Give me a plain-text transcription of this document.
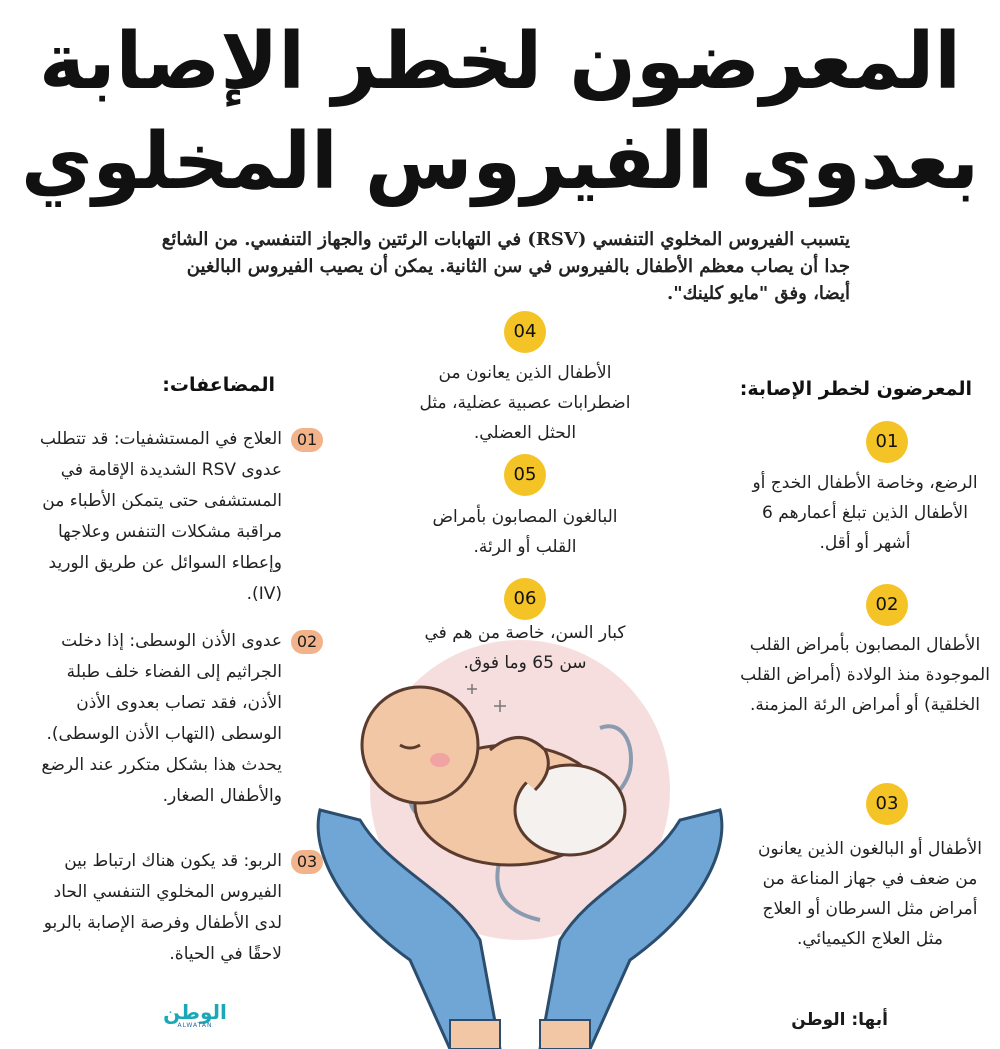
المعرضون لخطر الإصابة
بعدوى الفيروس المخلوي
يتسبب الفيروس المخلوي التنفسي (RSV) في التهابات الرئتين والجهاز التنفسي. من الشائع جدا أن يصاب معظم الأطفال بالفيروس في سن الثانية. يمكن أن يصيب الفيروس البالغين أيضا، وفق "مايو كلينك".
المعرضون لخطر الإصابة:
01
الرضع، وخاصة الأطفال الخدج أو الأطفال الذين تبلغ أعمارهم 6 أشهر أو أقل.
02
الأطفال المصابون بأمراض القلب الموجودة منذ الولادة (أمراض القلب الخلقية) أو أمراض الرئة المزمنة.
03
الأطفال أو البالغون الذين يعانون من ضعف في جهاز المناعة من أمراض مثل السرطان أو العلاج مثل العلاج الكيميائي.
04
الأطفال الذين يعانون من اضطرابات عصبية عضلية، مثل الحثل العضلي.
05
البالغون المصابون بأمراض القلب أو الرئة.
06
كبار السن، خاصة من هم في سن 65 وما فوق.
المضاعفات:
01
العلاج في المستشفيات: قد تتطلب عدوى RSV الشديدة الإقامة في المستشفى حتى يتمكن الأطباء من مراقبة مشكلات التنفس وعلاجها وإعطاء السوائل عن طريق الوريد (IV).
02
عدوى الأذن الوسطى: إذا دخلت الجراثيم إلى الفضاء خلف طبلة الأذن، فقد تصاب بعدوى الأذن الوسطى (التهاب الأذن الوسطى). يحدث هذا بشكل متكرر عند الرضع والأطفال الصغار.
03
الربو: قد يكون هناك ارتباط بين الفيروس المخلوي التنفسي الحاد لدى الأطفال وفرصة الإصابة بالربو لاحقًا في الحياة.
الوطن
ALWATAN	أبها: الوطن
